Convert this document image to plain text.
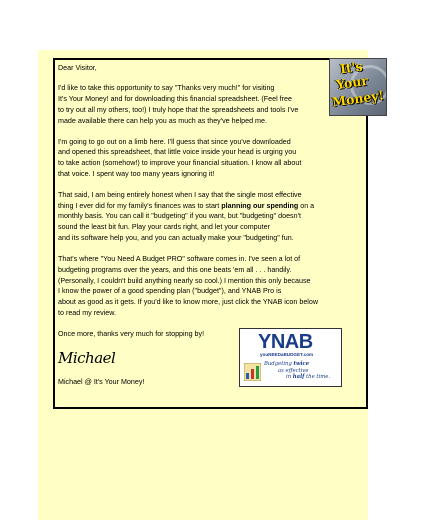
Dear Visitor,

I'd like to take this opportunity to say "Thanks very much!" for visiting
It's Your Money! and for downloading this financial spreadsheet. (Feel free
to try out all my others, too!) I truly hope that the spreadsheets and tools I've
made available there can help you as much as they've helped me.

I'm going to go out on a limb here. I'll guess that since you've downloaded
and opened this spreadsheet, that little voice inside your head is urging you
to take action (somehow!) to improve your financial situation. I know all about
that voice. I spent way too many years ignoring it!

That said, I am being entirely honest when I say that the single most effective
thing I ever did for my family's finances was to start planning our spending on a
monthly basis. You can call it "budgeting" if you want, but "budgeting" doesn't
sound the least bit fun. Play your cards right, and let your computer
and its software help you, and you can actually make your "budgeting" fun.

That's where "You Need A Budget PRO" software comes in. I've seen a lot of
budgeting programs over the years, and this one beats 'em all . . . handily.
(Personally, I couldn't build anything nearly so cool.) I mention this only because
I know the power of a good spending plan ("budget"), and YNAB Pro is
about as good as it gets. If you'd like to know more, just click the YNAB icon below
to read my review.

Once more, thanks very much for stopping by!

Michael

Michael @ It's Your Money!

It's
Your
Money!
YNAB
youNEEDaBUDGET.com
Budgeting twice
as effective
in half the time.
